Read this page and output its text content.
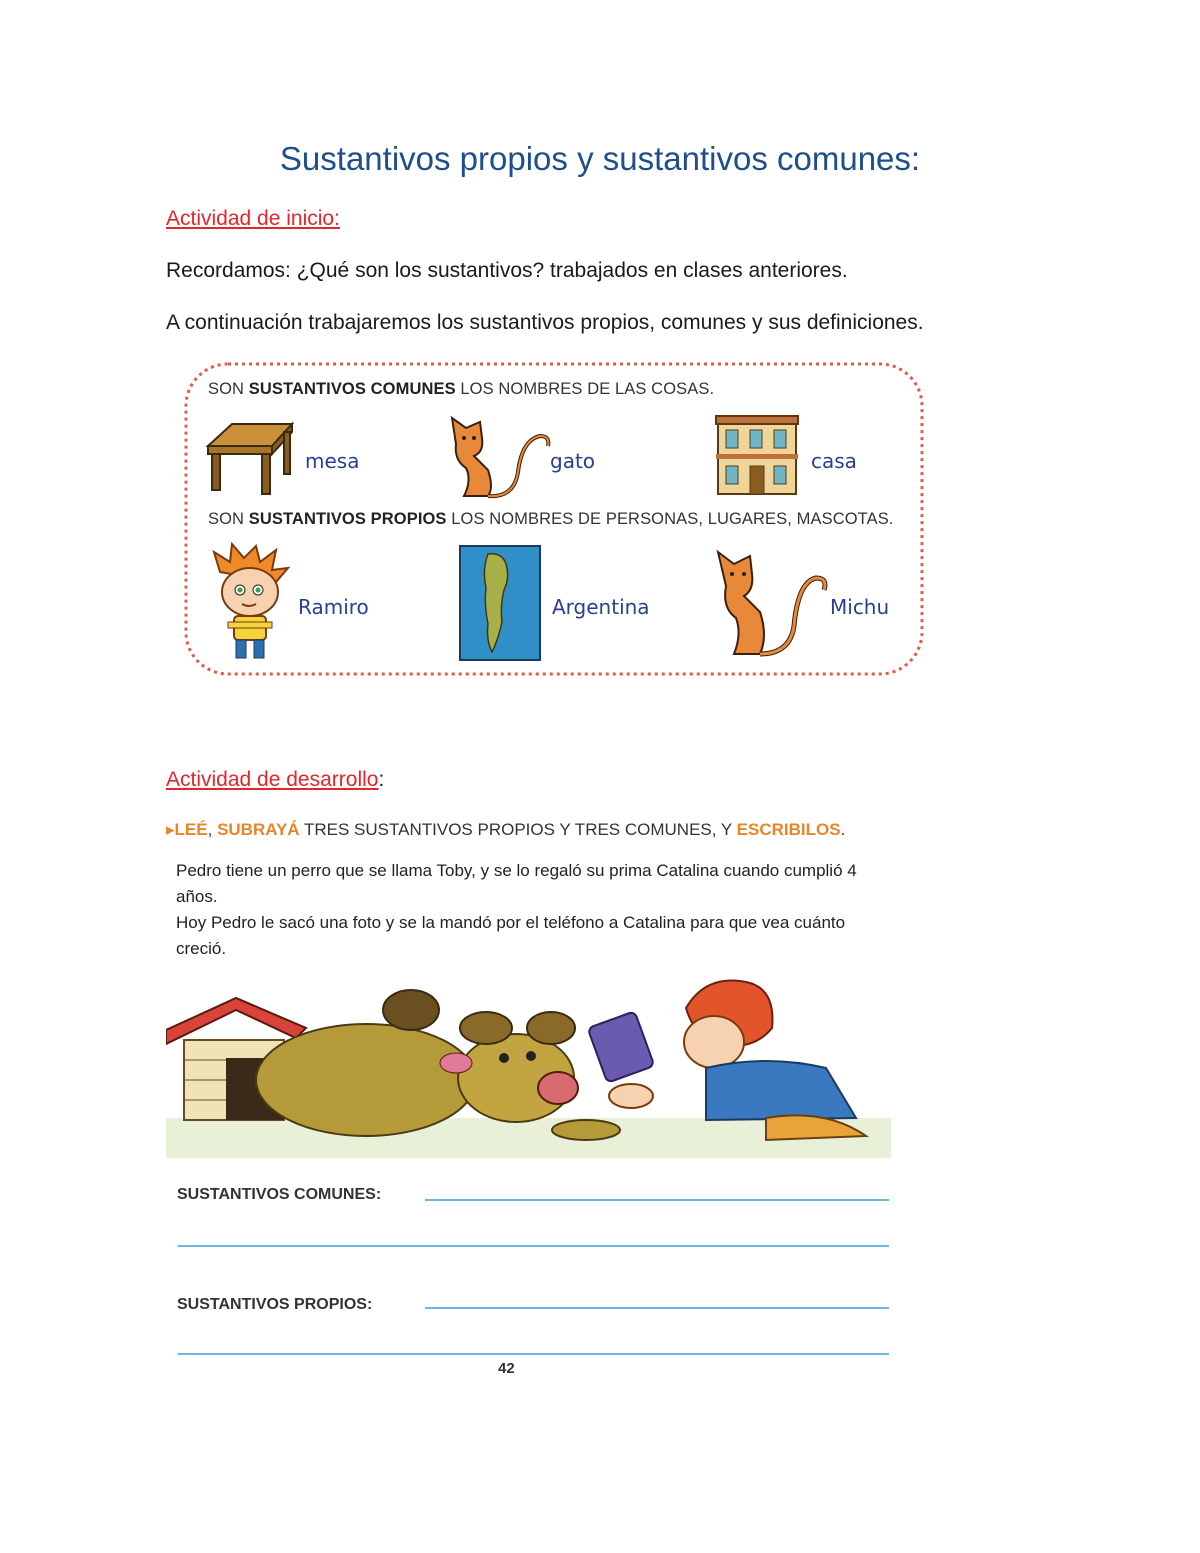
Sustantivos propios y sustantivos comunes:
Actividad de inicio:
Recordamos: ¿Qué son los sustantivos? trabajados en clases anteriores.
A continuación trabajaremos los sustantivos propios, comunes y sus definiciones.
SON SUSTANTIVOS COMUNES LOS NOMBRES DE LAS COSAS.
mesa	gato	casa
SON SUSTANTIVOS PROPIOS LOS NOMBRES DE PERSONAS, LUGARES, MASCOTAS.
Ramiro	Argentina	Michu
Actividad de desarrollo:
▸LEÉ, SUBRAYÁ TRES SUSTANTIVOS PROPIOS Y TRES COMUNES, Y ESCRIBILOS.

Pedro tiene un perro que se llama Toby, y se lo regaló su prima Catalina cuando cumplió 4 años.

Hoy Pedro le sacó una foto y se la mandó por el teléfono a Catalina para que vea cuánto creció.

SUSTANTIVOS COMUNES:
SUSTANTIVOS PROPIOS:
42
